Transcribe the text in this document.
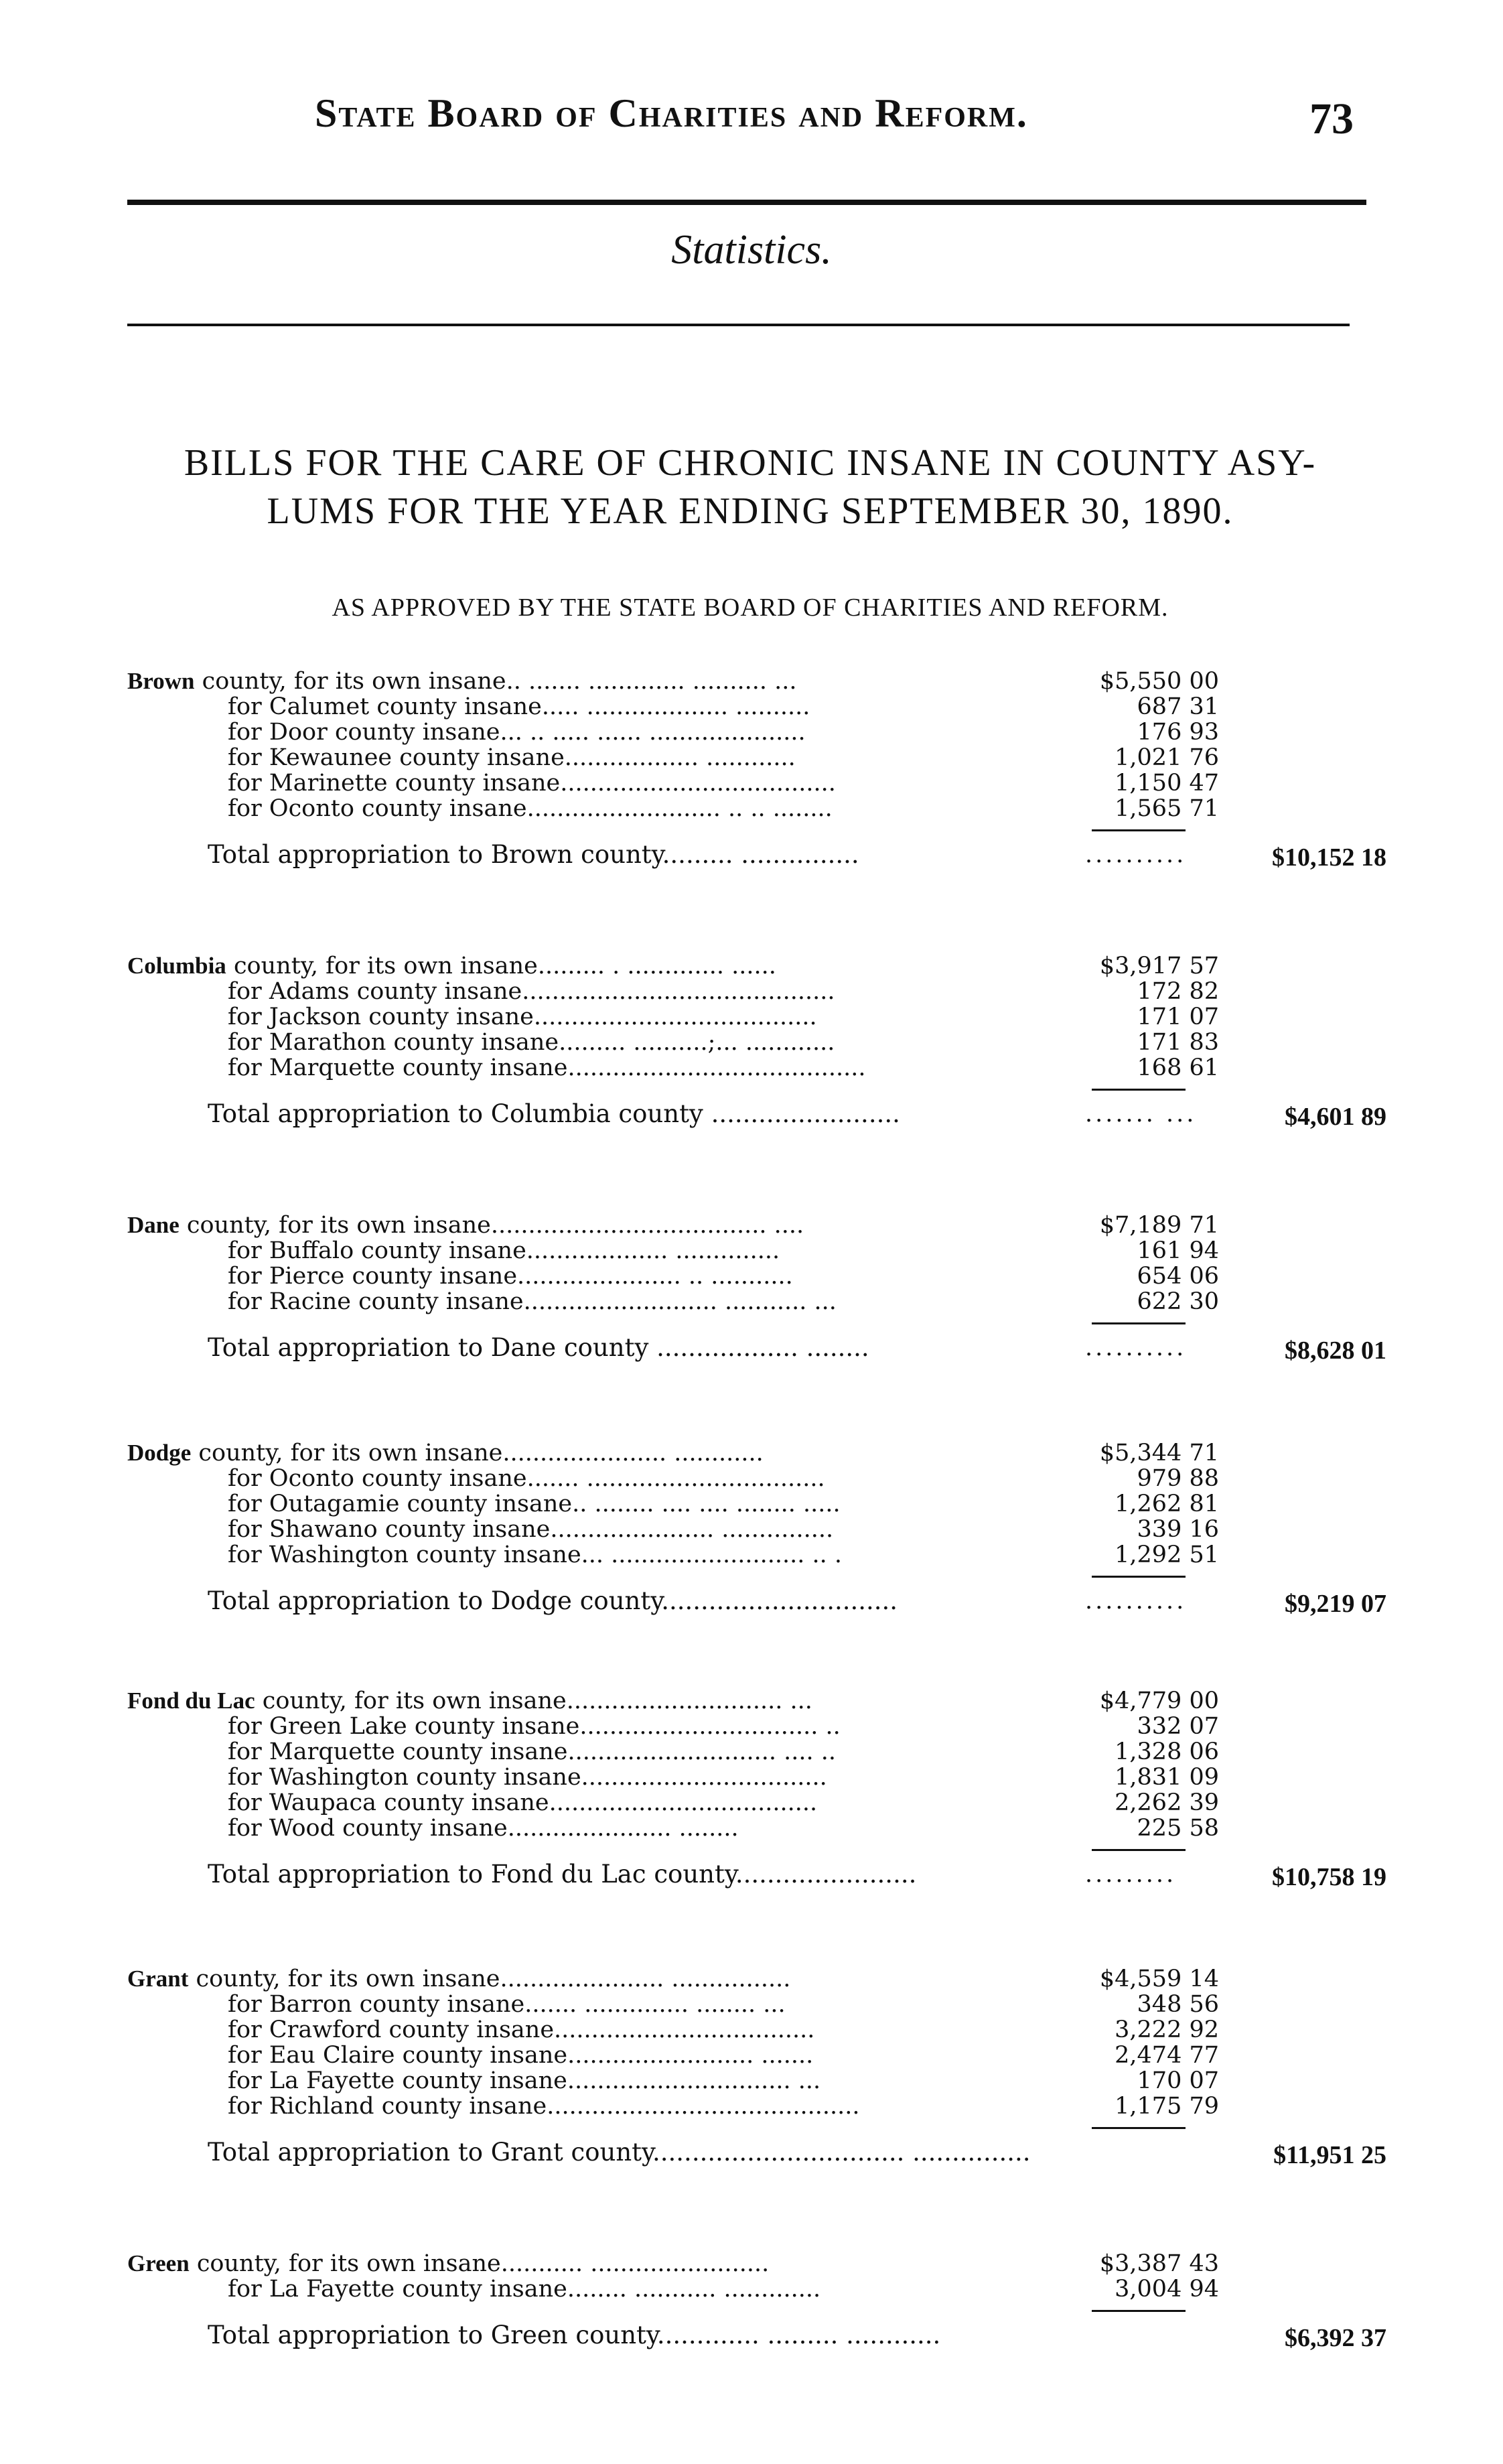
State Board of Charities and Reform.	73
Statistics.
BILLS FOR THE CARE OF CHRONIC INSANE IN COUNTY ASY-
LUMS FOR THE YEAR ENDING SEPTEMBER 30, 1890.
AS APPROVED BY THE STATE BOARD OF CHARITIES AND REFORM.
Brown county, for its own insane.. ....... ............. .......... ...	$5,550 00
for Calumet county insane..... ................... ..........	687 31
for Door county insane... .. ..... ...... .....................	176 93
for Kewaunee county insane.................. ............	1,021 76
for Marinette county insane.....................................	1,150 47
for Oconto county insane.......................... .. .. ........	1,565 71
Total appropriation to Brown county......... ...............	..........	$10,152 18
Columbia county, for its own insane......... . ............. ......	$3,917 57
for Adams county insane..........................................	172 82
for Jackson county insane......................................	171 07
for Marathon county insane......... ..........;... ............	171 83
for Marquette county insane........................................	168 61
Total appropriation to Columbia county ........................	....... ...	$4,601 89
Dane county, for its own insane..................................... ....	$7,189 71
for Buffalo county insane................... ..............	161 94
for Pierce county insane...................... .. ...........	654 06
for Racine county insane.......................... ........... ...	622 30
Total appropriation to Dane county .................. ........	..........	$8,628 01
Dodge county, for its own insane...................... ............	$5,344 71
for Oconto county insane....... ................................	979 88
for Outagamie county insane.. ........ .... .... ........ .....	1,262 81
for Shawano county insane...................... ...............	339 16
for Washington county insane... .......................... .. .	1,292 51
Total appropriation to Dodge county..............................	..........	$9,219 07
Fond du Lac county, for its own insane............................. ...	$4,779 00
for Green Lake county insane................................ ..	332 07
for Marquette county insane............................ .... ..	1,328 06
for Washington county insane.................................	1,831 09
for Waupaca county insane....................................	2,262 39
for Wood county insane...................... ........	225 58
Total appropriation to Fond du Lac county.......................	.........	$10,758 19
Grant county, for its own insane...................... ................	$4,559 14
for Barron county insane....... .............. ........ ...	348 56
for Crawford county insane...................................	3,222 92
for Eau Claire county insane......................... .......	2,474 77
for La Fayette county insane.............................. ...	170 07
for Richland county insane..........................................	1,175 79
Total appropriation to Grant county................................ ...............	$11,951 25
Green county, for its own insane........... ........................	$3,387 43
for La Fayette county insane........ ........... .............	3,004 94
Total appropriation to Green county............. ......... ............	$6,392 37
